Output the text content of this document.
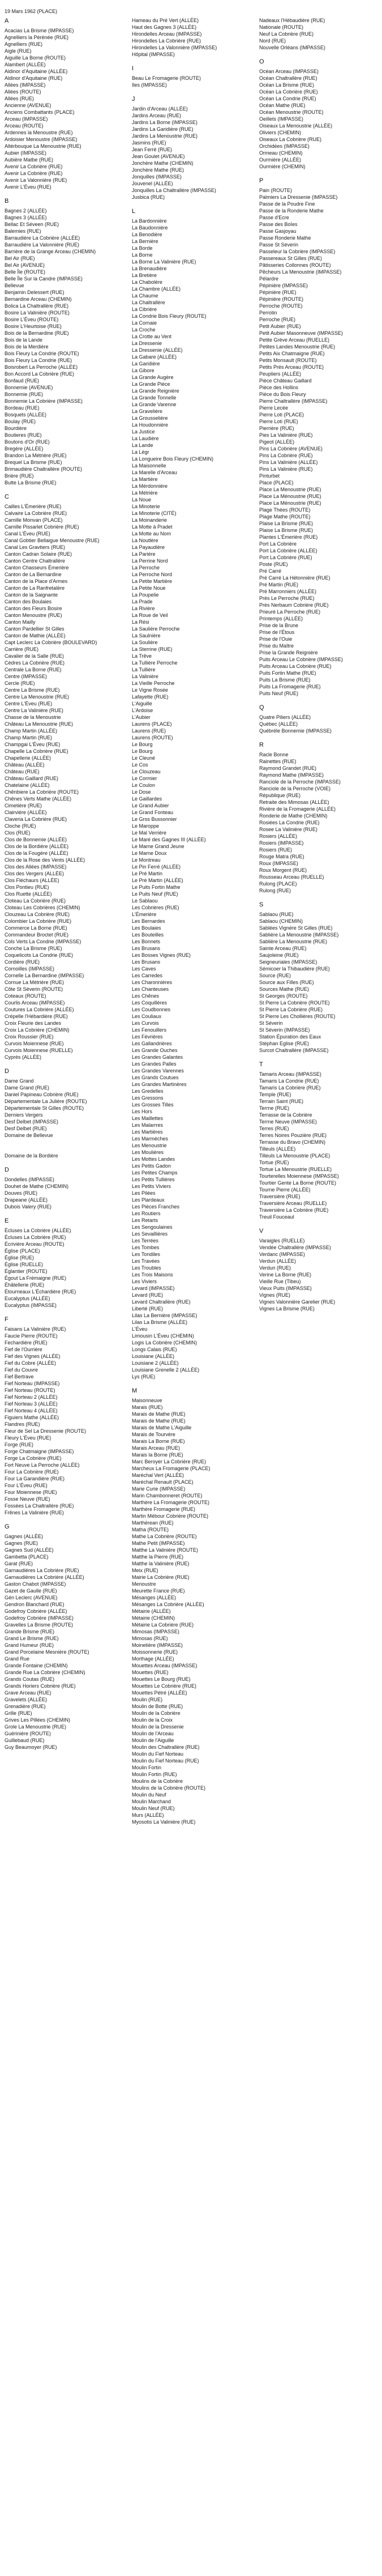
19 Mars 1962 (PLACE)
A
Acacias La Brisme (IMPASSE)
Agnelliers la Pérénée (RUE)
Agnelliers (RUE)
Aigle (RUE)
Aiguille La Borne (ROUTE)
Alambert (ALLÉE)
Aldinor d'Aquitaine (ALLÉE)
Aldinor d'Aquitaine (RUE)
Allées (IMPASSE)
Allées (ROUTE)
Allées (RUE)
Ancienne (AVENUE)
Anciens Combattants (PLACE)
Arceau (IMPASSE)
Arceau (ROUTE)
Ardennes la Menoustre (RUE)
Ardoisier Menoustre (IMPASSE)
Altérbouque La Menoustrie (RUE)
Aubier (IMPASSE)
Aubière Matbe (RUE)
Avenir La Cobrière (RUE)
Avenir La Cobrière (RUE)
Avenir La Valonnière (RUE)
Avenir L'Éveu (RUE)
B
Bagnes 2 (ALLÉE)
Bagnes 3 (ALLÉE)
Bellac Et Séveen (RUE)
Balemies (RUE)
Barraudière La Cobrière (ALLÉE)
Barraudière La Valonnière (RUE)
Barrière de la Grange Arceau (CHEMIN)
Bel Air (RUE)
Bel Air (AVENUE)
Belle Île (ROUTE)
Belle Île Sur la Candre (IMPASSE)
Bellevue
Benjamin Delessert (RUE)
Bernardine Arceau (CHEMIN)
Bolica La Chaltrallère (RUE)
Bosire La Valinière (ROUTE)
Bosire L'Éveu (ROUTE)
Bosire L'Heurtoise (RUE)
Bois de la Bernardine (RUE)
Bois de la Lande
Bois de la Merdière
Bois Fleury La Condrie (ROUTE)
Bois Fleury La Condrie (RUE)
Boisrobert La Perroche (ALLÉE)
Bon Accord La Cobrière (RUE)
Bonfaud (RUE)
Bonnemie (AVENUE)
Bonnemie (RUE)
Bonnemie La Cobrière (IMPASSE)
Bordeau (RUE)
Bosquets (ALLÉE)
Boulay (RUE)
Bourdière
Boutieres (RUE)
Boutons d'Or (RUE)
Bregère (ALLÉE)
Brandon La Métrière (RUE)
Brequel La Brisme (RUE)
Brimaudière Chaltrallère (ROUTE)
Brière (RUE)
Butte La Brisme (RUE)
C
Cailles L'Émerière (RUE)
Calvaire La Cobrière (RUE)
Camille Monvan (PLACE)
Camille Pissarlet Cobrière (RUE)
Canal L'Éveu (RUE)
Canal Gobtier Bellaigue Menoustre (RUE)
Canal Les Gravtiers (RUE)
Canton Cadran Solaire (RUE)
Canton Centre Chaltrallère
Canton Chasseurs Émerière
Canton de La Bernardine
Canton de la Place d'Armes
Canton de La Ranfretalère
Canton de la Saignante
Canton des Boulaies
Canton des Fleurs Bosire
Canton Menoustre (RUE)
Canton Mailly
Canton Pardellier St Gilles
Canton de Mathie (ALLÉE)
Capt Leclerc La Cobrière (BOULEVARD)
Carrière (RUE)
Cavalier de la Salle (RUE)
Cèdres La Cobrière (RUE)
Centrale La Borne (RUE)
Centre (IMPASSE)
Cercle (RUE)
Centre La Brisme (RUE)
Centre La Menoustrie (RUE)
Centre L'Éveu (RUE)
Centre La Valinière (RUE)
Chasse de la Menoustrie
Château La Menoustrie (RUE)
Champ Martin (ALLÉE)
Champ Martin (RUE)
Champgai L'Éveu (RUE)
Chapelle La Cobrière (RUE)
Chapellerie (ALLÉE)
Château (ALLÉE)
Château (RUE)
Château Gaillard (RUE)
Chatelaine (ALLÉE)
Chênbiere La Cobrière (ROUTE)
Chênes Verts Mathe (ALLÉE)
Cimetière (RUE)
Clairvière (ALLÉE)
Claveria La Cobrière (RUE)
Cloche (RUE)
Clos (RUE)
Clos de Bonnemie (ALLÉE)
Clos de la Bordière (ALLÉE)
Clos de la Fougère (ALLÉE)
Clos de la Rose des Vents (ALLÉE)
Clos des Allées (IMPASSE)
Clos des Vergers (ALLÉE)
Clos Fléchaurs (ALLÉE)
Clos Pontieu (RUE)
Clos Ruette (ALLÉE)
Cloteau La Cobrière (RUE)
Cloteau Les Cobrières (CHEMIN)
Clouzeau La Cobrière (RUE)
Colombier La Cobrière (RUE)
Commerce La Borne (RUE)
Commandeur Broctet (RUE)
Cols Verts La Condrie (IMPASSE)
Conche La Brisme (RUE)
Coquelicots La Condrie (RUE)
Cordière (RUE)
Cornoilles (IMPASSE)
Cornelle La Bernardine (IMPASSE)
Cornue La Métrière (RUE)
Côte St Séverin (ROUTE)
Coteaux (ROUTE)
Courlis Arceau (IMPASSE)
Coutures La Cobrière (ALLÉE)
Crépelle l'Hébardière (RUE)
Croix Fleurie des Landes
Croix La Cobrière (CHEMIN)
Croix Roussier (RUE)
Curvois Moiennese (RUE)
Curvois Moiennese (RUELLE)
Cyprès (ALLÉE)
D
Dame Grand
Dame Grand (RUE)
Daniel Papineau Cobrière (RUE)
Départementale La Julière (ROUTE)
Départementale St Gilles (ROUTE)
Derniers Vergers
Desf Delbet (IMPASSE)
Desf Delbet (RUE)
Domaine de Bellevue
Domaine de la Bordière
D
Dondelles (IMPASSE)
Douhet de Mathe (CHEMIN)
Douves (RUE)
Drapeane (ALLÉE)
Dubois Valery (RUE)
E
Écluses La Cobrière (ALLÉE)
Écluses La Cobrière (RUE)
Écrivière Arceau (ROUTE)
Église (PLACE)
Église (RUE)
Église (RUELLE)
Églantier (ROUTE)
Égout La Frémaigne (RUE)
Éhâtellerie (RUE)
Étourneaux L'Échardière (RUE)
Eucalyptus (ALLÉE)
Eucalyptus (IMPASSE)
F
Faisans La Valinière (RUE)
Faucie Pierre (ROUTE)
Fechardière (RUE)
Fief de l'Ourrière
Fief des Vignes (ALLÉE)
Fief du Cobre (ALLÉE)
Fief du Couvre
Fief Bertrave
Fief Norteau (IMPASSE)
Fief Norteau (ROUTE)
Fief Norteau 2 (ALLÉE)
Fief Norteau 3 (ALLÉE)
Fief Norteau 4 (ALLÉE)
Figuiers Mathe (ALLÉE)
Flandres (RUE)
Fleur de Sel La Dressenie (ROUTE)
Fleury L'Éveu (RUE)
Forge (RUE)
Forge Chatmaigne (IMPASSE)
Forge La Cobrière (RUE)
Fort Neuve La Perroche (ALLÉE)
Four La Cobrière (RUE)
Four La Garandière (RUE)
Four L'Éveu (RUE)
Four Moiennese (RUE)
Fosse Neuve (RUE)
Fossées La Chaltrallère (RUE)
Frênes La Valinière (RUE)
G
Gagnes (ALLÉE)
Gagnes (RUE)
Gagnes Sud (ALLÉE)
Gambetta (PLACE)
Garat (RUE)
Garnaudières La Cobrière (RUE)
Garnaudières La Cobrière (ALLÉE)
Gaston Chabot (IMPASSE)
Gazet de Gaulle (RUE)
Gén Leclerc (AVENUE)
Gendron Blanchard (RUE)
Godefroy Cobrière (ALLÉE)
Godefroy Cobrière (IMPASSE)
Gravelles La Brisme (ROUTE)
Grande Brisme (RUE)
Grand Le Brisme (RUE)
Grand Humeur (RUE)
Grand Porcelaine Mesnière (ROUTE)
Grand Rue
Grande Fontaine (CHEMIN)
Grande Rue La Cobrière (CHEMIN)
Grands Coutas (RUE)
Grands Horiers Cobrière (RUE)
Grave Arceau (RUE)
Gravelets (ALLÉE)
Grenadière (RUE)
Grille (RUE)
Grives Les Pillées (CHEMIN)
Grole La Menoustrie (RUE)
Guérinière (ROUTE)
Guillebaud (RUE)
Guy Beaumoyer (RUE)
Hameau du Pré Vert (ALLÉE)
Haut des Gagnes 3 (ALLÉE)
Hirondelles Arceau (IMPASSE)
Hirondelles La Cobrière (RUE)
Hirondelles La Valonnière (IMPASSE)
Hôpital (IMPASSE)
I
Beau Le Fromagerie (ROUTE)
Iles (IMPASSE)
J
Jardin d'Arceau (ALLÉE)
Jardins Arceau (RUE)
Jardins La Borne (IMPASSE)
Jardins La Garidière (RUE)
Jardins La Menoustrie (RUE)
Jasmins (RUE)
Jean Ferré (RUE)
Jean Goulet (AVENUE)
Jonchère Mathe (CHEMIN)
Jonchère Mathe (RUE)
Jonquilles (IMPASSE)
Jouvenel (ALLÉE)
Jonquilles La Chaltrallère (IMPASSE)
Jusbica (RUE)
L
La Bardonnière
La Baudonnière
La Benodière
La Bernière
La Borde
La Borne
La Borne La Valinière (RUE)
La Brenaudière
La Bretière
La Chabolère
La Chambre (ALLÉE)
La Chaume
La Chaltrallère
La Cibrière
La Condrie Bois Fleury (ROUTE)
La Cornaie
La Croche
La Crotte au Vent
La Dressenie
La Dressenie (ALLÉE)
La Gabare (ALLÉE)
La Garidière
La Gibore
La Grande Augère
La Grande Pièce
La Grande Reignière
La Grande Tonnelle
La Grande Varenne
La Gravelière
La Grousselière
La Houdonnière
La Justice
La Laudière
La Lande
La Lègr
La Longueire Bois Fleury (CHEMIN)
La Maisonnelle
La Marelle d'Arceau
La Martière
La Mérdonnière
La Métrière
La Noue
La Minoterie
La Minoterie (CITÉ)
La Moinanderie
La Motte à Pradet
La Motte au Nom
La Noutlère
La Payaudière
La Parière
La Perrine Nord
La Perroche
La Perroche Nord
La Petite Martière
La Petite Noue
La Poupelie
La Prade
La Rivière
La Roue de Veil
La Rési
La Saulière Perroche
La Saulnière
La Soulière
La Sterrine (RUE)
La Trêve
La Tullière Perroche
La Tullière
La Valinière
La Vieille Perroche
Le Vigne Rosée
Lafayette (RUE)
L'Aiguille
L'Ardoise
L'Aubier
Laurens (PLACE)
Laurens (RUE)
Laurens (ROUTE)
Le Bourg
Le Bourg
Le Cleuné
Le Cos
Le Clouzeau
Le Cormier
Le Coulon
Le Dose
Le Gaillardes
Le Grand Aubier
Le Grand Fonteau
Le Gros Bussonnier
Le Maroppe
Le Mal Verrière
Le Maré des Gagnes III (ALLÉE)
Le Marne Grand Jeune
Le Marne Doux
Le Montreau
Le Pin Ferré (ALLÉE)
Le Pré Martin
Le Pré Martin (ALLÉE)
Le Puits Fortin Mathe
Le Puits Neuf (RUE)
Le Sablaou
Les Cobrières (RUE)
L'Émerière
Les Bernardes
Les Boulaies
Les Bouteilles
Les Bonnets
Les Brusans
Les Bosses Vignes (RUE)
Les Brusans
Les Caves
Les Carredes
Les Charonnières
Les Chanteuses
Les Chênes
Les Coquillères
Les Coudbonnes
Les Couliaux
Les Curvois
Les Fenouillers
Les Fèvrières
Les Gallandrières
Les Grande Ouches
Les Grandes Galantes
Les Grandes Palles
Les Grandes Varennes
Les Grands Coutues
Les Grandes Martinères
Les Gredelles
Les Gressons
Les Grosses Tilles
Les Hors
Les Maillettes
Les Malarrres
Les Martières
Les Marmèches
Les Menoustrie
Les Moulières
Les Mottes Landes
Les Petits Gadon
Les Petites Champs
Les Petits Tullières
Les Petits Viviers
Les Pilées
Les Plardeaux
Les Pièces Franches
Les Routiers
Les Retarts
Les Sengoulaines
Les Sevaillières
Les Terrées
Les Tombes
Les Tondiles
Les Travées
Les Troubles
Les Trois Maisons
Les Viviers
Levard (IMPASSE)
Levard (RUE)
Levard Chaltrallère (RUE)
Liberté (RUE)
Lilas La Bernière (IMPASSE)
Lilas La Brisme (ALLÉE)
L'Éveu
Limousin L'Éveu (CHEMIN)
Logis La Cobrière (CHEMIN)
Longs Calais (RUE)
Louisiane (ALLÉE)
Louisiane 2 (ALLÉE)
Louisiane Grenelle 2 (ALLÉE)
Lys (RUE)
M
Maisonneuve
Marais (RUE)
Marais de Mathe (RUE)
Marais de Mathe (RUE)
Marais de Mathe L'Aiguille
Marais de Tourvère
Marais La Borne (RUE)
Marais Arceau (RUE)
Marais la Borne (RUE)
Marc Beroyer La Cobrière (RUE)
Marcheux La Fromagerie (PLACE)
Maréchal Vert (ALLÉE)
Maréchal Renault (PLACE)
Marie Curie (IMPASSE)
Marin Chambonneret (ROUTE)
Marthère La Fromagerie (ROUTE)
Marthère Fromagerie (RUE)
Martin Mébour Cobrière (ROUTE)
Marthèrean (RUE)
Matha (ROUTE)
Mathe La Cobrière (ROUTE)
Mathe Petit (IMPASSE)
Matthe La Valinière (ROUTE)
Matthe la Pierre (RUE)
Matthe la Valinière (RUE)
Meix (RUE)
Mairie La Cobrière (RUE)
Menoustre
Meurette France (RUE)
Mésanges (ALLÉE)
Mésanges La Cobrière (ALLÉE)
Métairie (ALLÉE)
Métairie (CHEMIN)
Métairie La Cobrière (RUE)
Mimosas (IMPASSE)
Mimosas (RUE)
Moinetière (IMPASSE)
Moissonnerie (RUE)
Morthage (ALLÉE)
Mouettes Arceau (IMPASSE)
Mouettes (RUE)
Mouettes Le Bourg (RUE)
Mouettes Le Cobrière (RUE)
Mouettes Pétré (ALLÉE)
Moulin (RUE)
Moulin de Botte (RUE)
Moulin de la Cobrière
Moulin de la Croix
Moulin de la Dressenie
Moulin de l'Arceau
Moulin de l'Aiguille
Moulin des Chaltrallère (RUE)
Moulin du Fief Norteau
Moulin du Fief Norteau (RUE)
Moulin Fortin
Moulin Fortin (RUE)
Moulins de la Cobrière
Moulins de la Cobrière (ROUTE)
Moulin du Neuf
Moulin Marchand
Moulin Neuf (RUE)
Murs (ALLÉE)
Myosotis La Valinière (RUE)
Nadeaux l'Hébaudière (RUE)
Nationale (ROUTE)
Neuf La Cobrière (RUE)
Nord (RUE)
Nouvelle Orléans (IMPASSE)
O
Océan Arceau (IMPASSE)
Océan Chaltrallère (RUE)
Océan La Brisme (RUE)
Océan La Cobrière (RUE)
Océan La Condrie (RUE)
Océan Mathe (RUE)
Océan Menoustrie (ROUTE)
Oeillets (IMPASSE)
Oiseaux La Menoustrie (ALLÉE)
Oliviers (CHEMIN)
Oiseaux La Cobrière (RUE)
Orchidées (IMPASSE)
Ormeau (CHEMIN)
Ourmière (ALLÉE)
Ourmière (CHEMIN)
P
Pain (ROUTE)
Palmiers La Dressenie (IMPASSE)
Passe de la Poudre Fine
Passe de la Ronderie Mathe
Passe d'Ecre
Passe des Boîes
Passe Gasjoyau
Passe Ronderie Mathe
Passe St Séverin
Passeleur la Cobrière (IMPASSE)
Passereaux St Gilles (RUE)
Pâtisseries Collonnes (ROUTE)
Pêcheurs La Menoustrie (IMPASSE)
Pélardre
Pépinière (IMPASSE)
Pépinière (RUE)
Pépinière (ROUTE)
Perroche (ROUTE)
Perrotin
Perroche (RUE)
Petit Aubier (RUE)
Petit Aubier Masonneuve (IMPASSE)
Petite Grève Arceau (RUELLE)
Petites Landes Menoustrie (RUE)
Petits Aix Chatmaigne (RUE)
Petits Monsault (ROUTE)
Petits Prés Arceau (ROUTE)
Peupliers (ALLÉE)
Pièce Château Gaillard
Pièce des Hollins
Pièce du Bois Fleury
Pierre Chaltrallère (IMPASSE)
Pierre Lecée
Pierre Loti (PLACE)
Pierre Loti (RUE)
Pierrière (RUE)
Pies La Valinière (RUE)
Pigeot (ALLÉE)
Pins La Cobrière (AVENUE)
Pins La Cobrière (RUE)
Pins La Valinière (ALLÉE)
Pins La Valinière (RUE)
Pinturbet
Place (PLACE)
Place La Menoustrie (RUE)
Place La Ménoustrie (RUE)
Place La Ménoustrie (RUE)
Plage Thées (ROUTE)
Plage Mathe (ROUTE)
Plaise La Brisme (RUE)
Plaise La Brisme (RUE)
Plantes L'Émerière (RUE)
Port La Cobrière
Port La Cobrière (ALLÉE)
Port La Cobrière (RUE)
Poste (RUE)
Pré Carré
Pré Carré La Hétonnière (RUE)
Pré Martin (RUE)
Pré Marronniers (ALLÉE)
Près Le Perroche (RUE)
Près Nerbaum Cobrière (RUE)
Prieuré La Perroche (RUE)
Printemps (ALLÉE)
Prise de la Brune
Prise de l'Étous
Prise de l'Ouie
Prise du Maître
Prise la Grande Reignière
Puits Arceau Le Cobrière (IMPASSE)
Puits Arceau La Cobrière (RUE)
Puits Fortin Mathe (RUE)
Puits La Brisme (RUE)
Puits La Fromagerie (RUE)
Puits Neuf (RUE)
Q
Quatre Piliers (ALLÉE)
Québec (ALLÉE)
Québréle Bonnemie (IMPASSE)
R
Racle Bonne
Rainettes (RUE)
Raymond Grandet (RUE)
Raymond Mathe (IMPASSE)
Ranciole de la Perroche (IMPASSE)
Ranciole de la Perroche (VOIE)
République (RUE)
Retraite des Mimosas (ALLÉE)
Rivière de la Fromagerie (ALLÉE)
Ronderie de Mathe (CHEMIN)
Rosiées La Condrie (RUE)
Rosee La Valinière (RUE)
Rosiers (ALLÉE)
Rosiers (IMPASSE)
Rosiers (RUE)
Rouge Matra (RUE)
Roux (IMPASSE)
Roux Morgent (RUE)
Rousseau Arceau (RUELLE)
Rulong (PLACE)
Rulong (RUE)
S
Sablaou (RUE)
Sablaou (CHEMIN)
Sablées Vignère St Gilles (RUE)
Sablière La Menoustrie (IMPASSE)
Sablière La Menoustrie (RUE)
Sainte Arceau (RUE)
Saujoleine (RUE)
Seigneuriales (IMPASSE)
Sémicoer la Thibaudière (RUE)
Source (RUE)
Source aux Filles (RUE)
Sources Mathe (RUE)
St Georges (ROUTE)
St Pierre La Cobrière (ROUTE)
St Pierre La Cobrière (RUE)
St Pierre Les Chollières (ROUTE)
St Séverin
St Séverin (IMPASSE)
Station Épuration des Eaux
Stéphan Eglise (RUE)
Surcot Chaltrallère (IMPASSE)
T
Tamaris Arceau (IMPASSE)
Tamaris La Condrie (RUE)
Tamaris La Cobrière (RUE)
Temple (RUE)
Terrain Saint (RUE)
Terrne (RUE)
Terrasse de la Cobrière
Terrne Neuve (IMPASSE)
Terres (RUE)
Terres Noires Pouzière (RUE)
Terrasse du Bravo (CHEMIN)
Tilleuls (ALLÉE)
Tilleuls La Menoustrie (PLACE)
Tortue (RUE)
Tortue La Menoustrie (RUELLE)
Tourterelles Moiennese (IMPASSE)
Tourtier Gente La Borne (ROUTE)
Tourne Pierre (ALLÉE)
Traversière (RUE)
Traversière Arceau (RUELLE)
Traversière La Cobrière (RUE)
Treuil Fouceaul
V
Varaigles (RUELLE)
Vendée Chaltrallère (IMPASSE)
Verdanc (IMPASSE)
Verdun (ALLÉE)
Verdun (RUE)
Verine La Borne (RUE)
Vieille Rue (Tibeu)
Vieux Puits (IMPASSE)
Vignes (RUE)
Vignes Valonnière Garelier (RUE)
Vignes La Brisme (RUE)
